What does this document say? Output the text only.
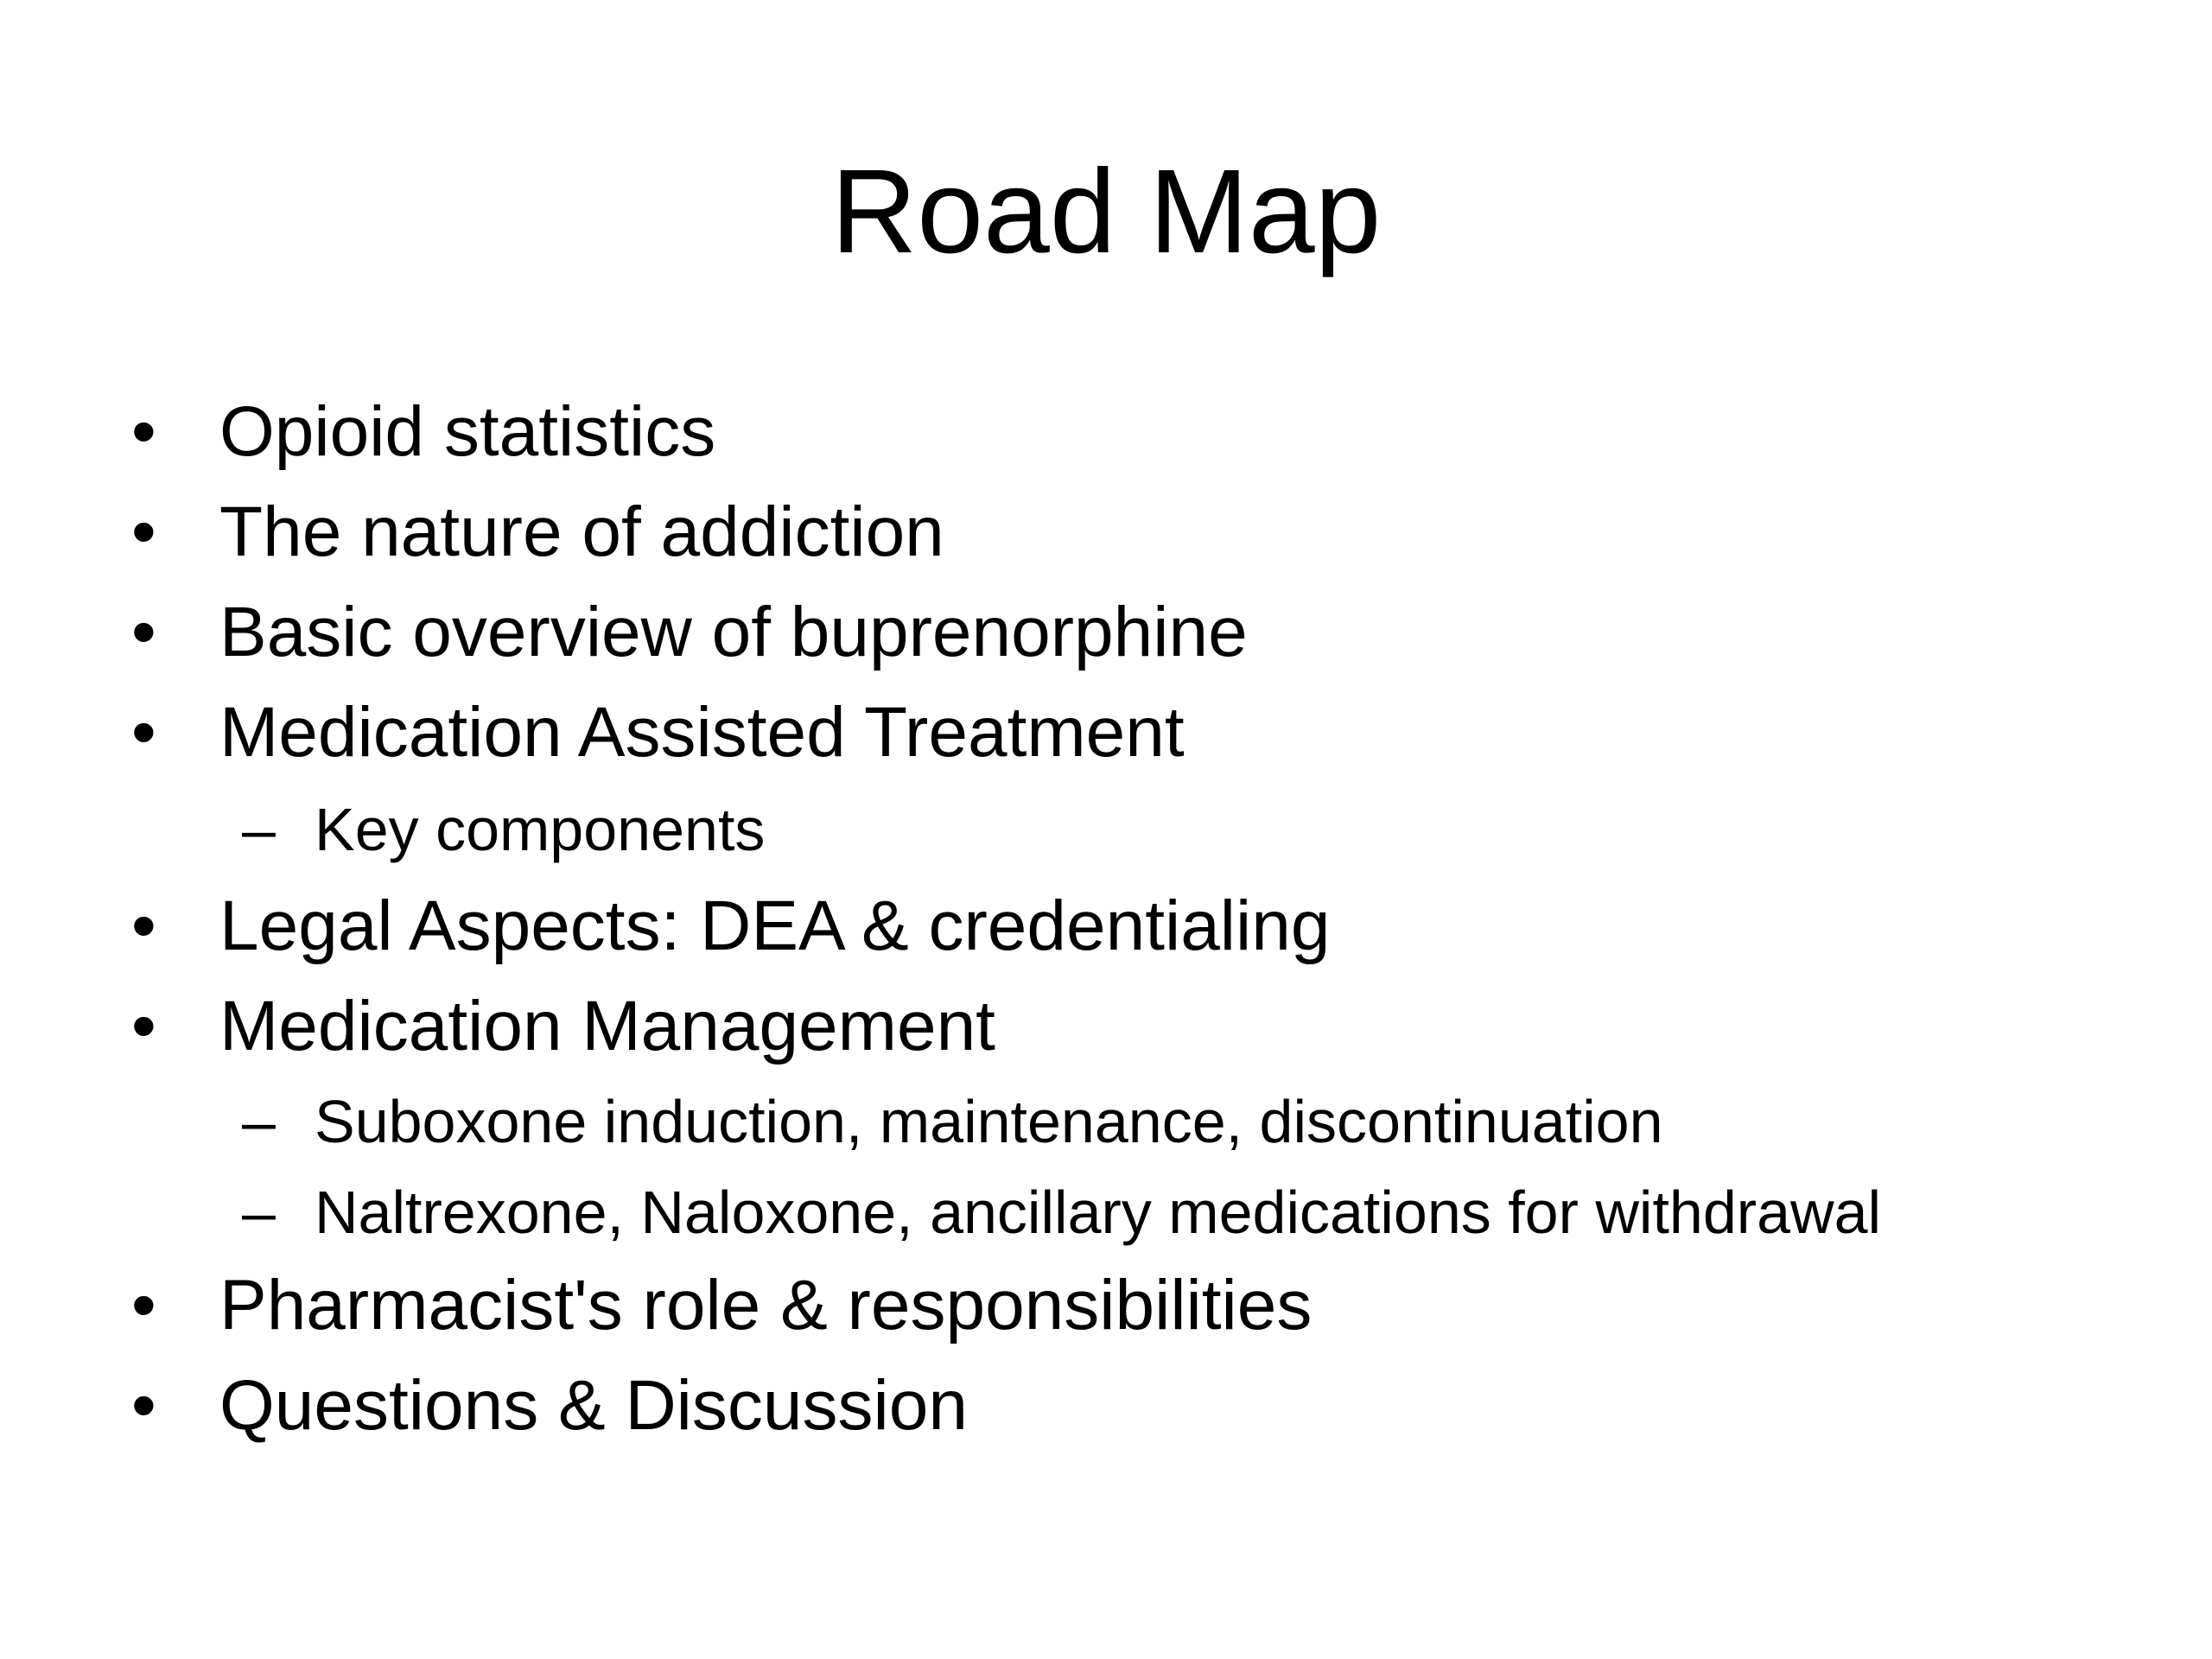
Road Map
• Opioid statistics
• The nature of addiction
• Basic overview of buprenorphine
• Medication Assisted Treatment
– Key components
• Legal Aspects: DEA & credentialing
• Medication Management
– Suboxone induction, maintenance, discontinuation
– Naltrexone, Naloxone, ancillary medications for withdrawal
• Pharmacist's role & responsibilities
• Questions & Discussion
